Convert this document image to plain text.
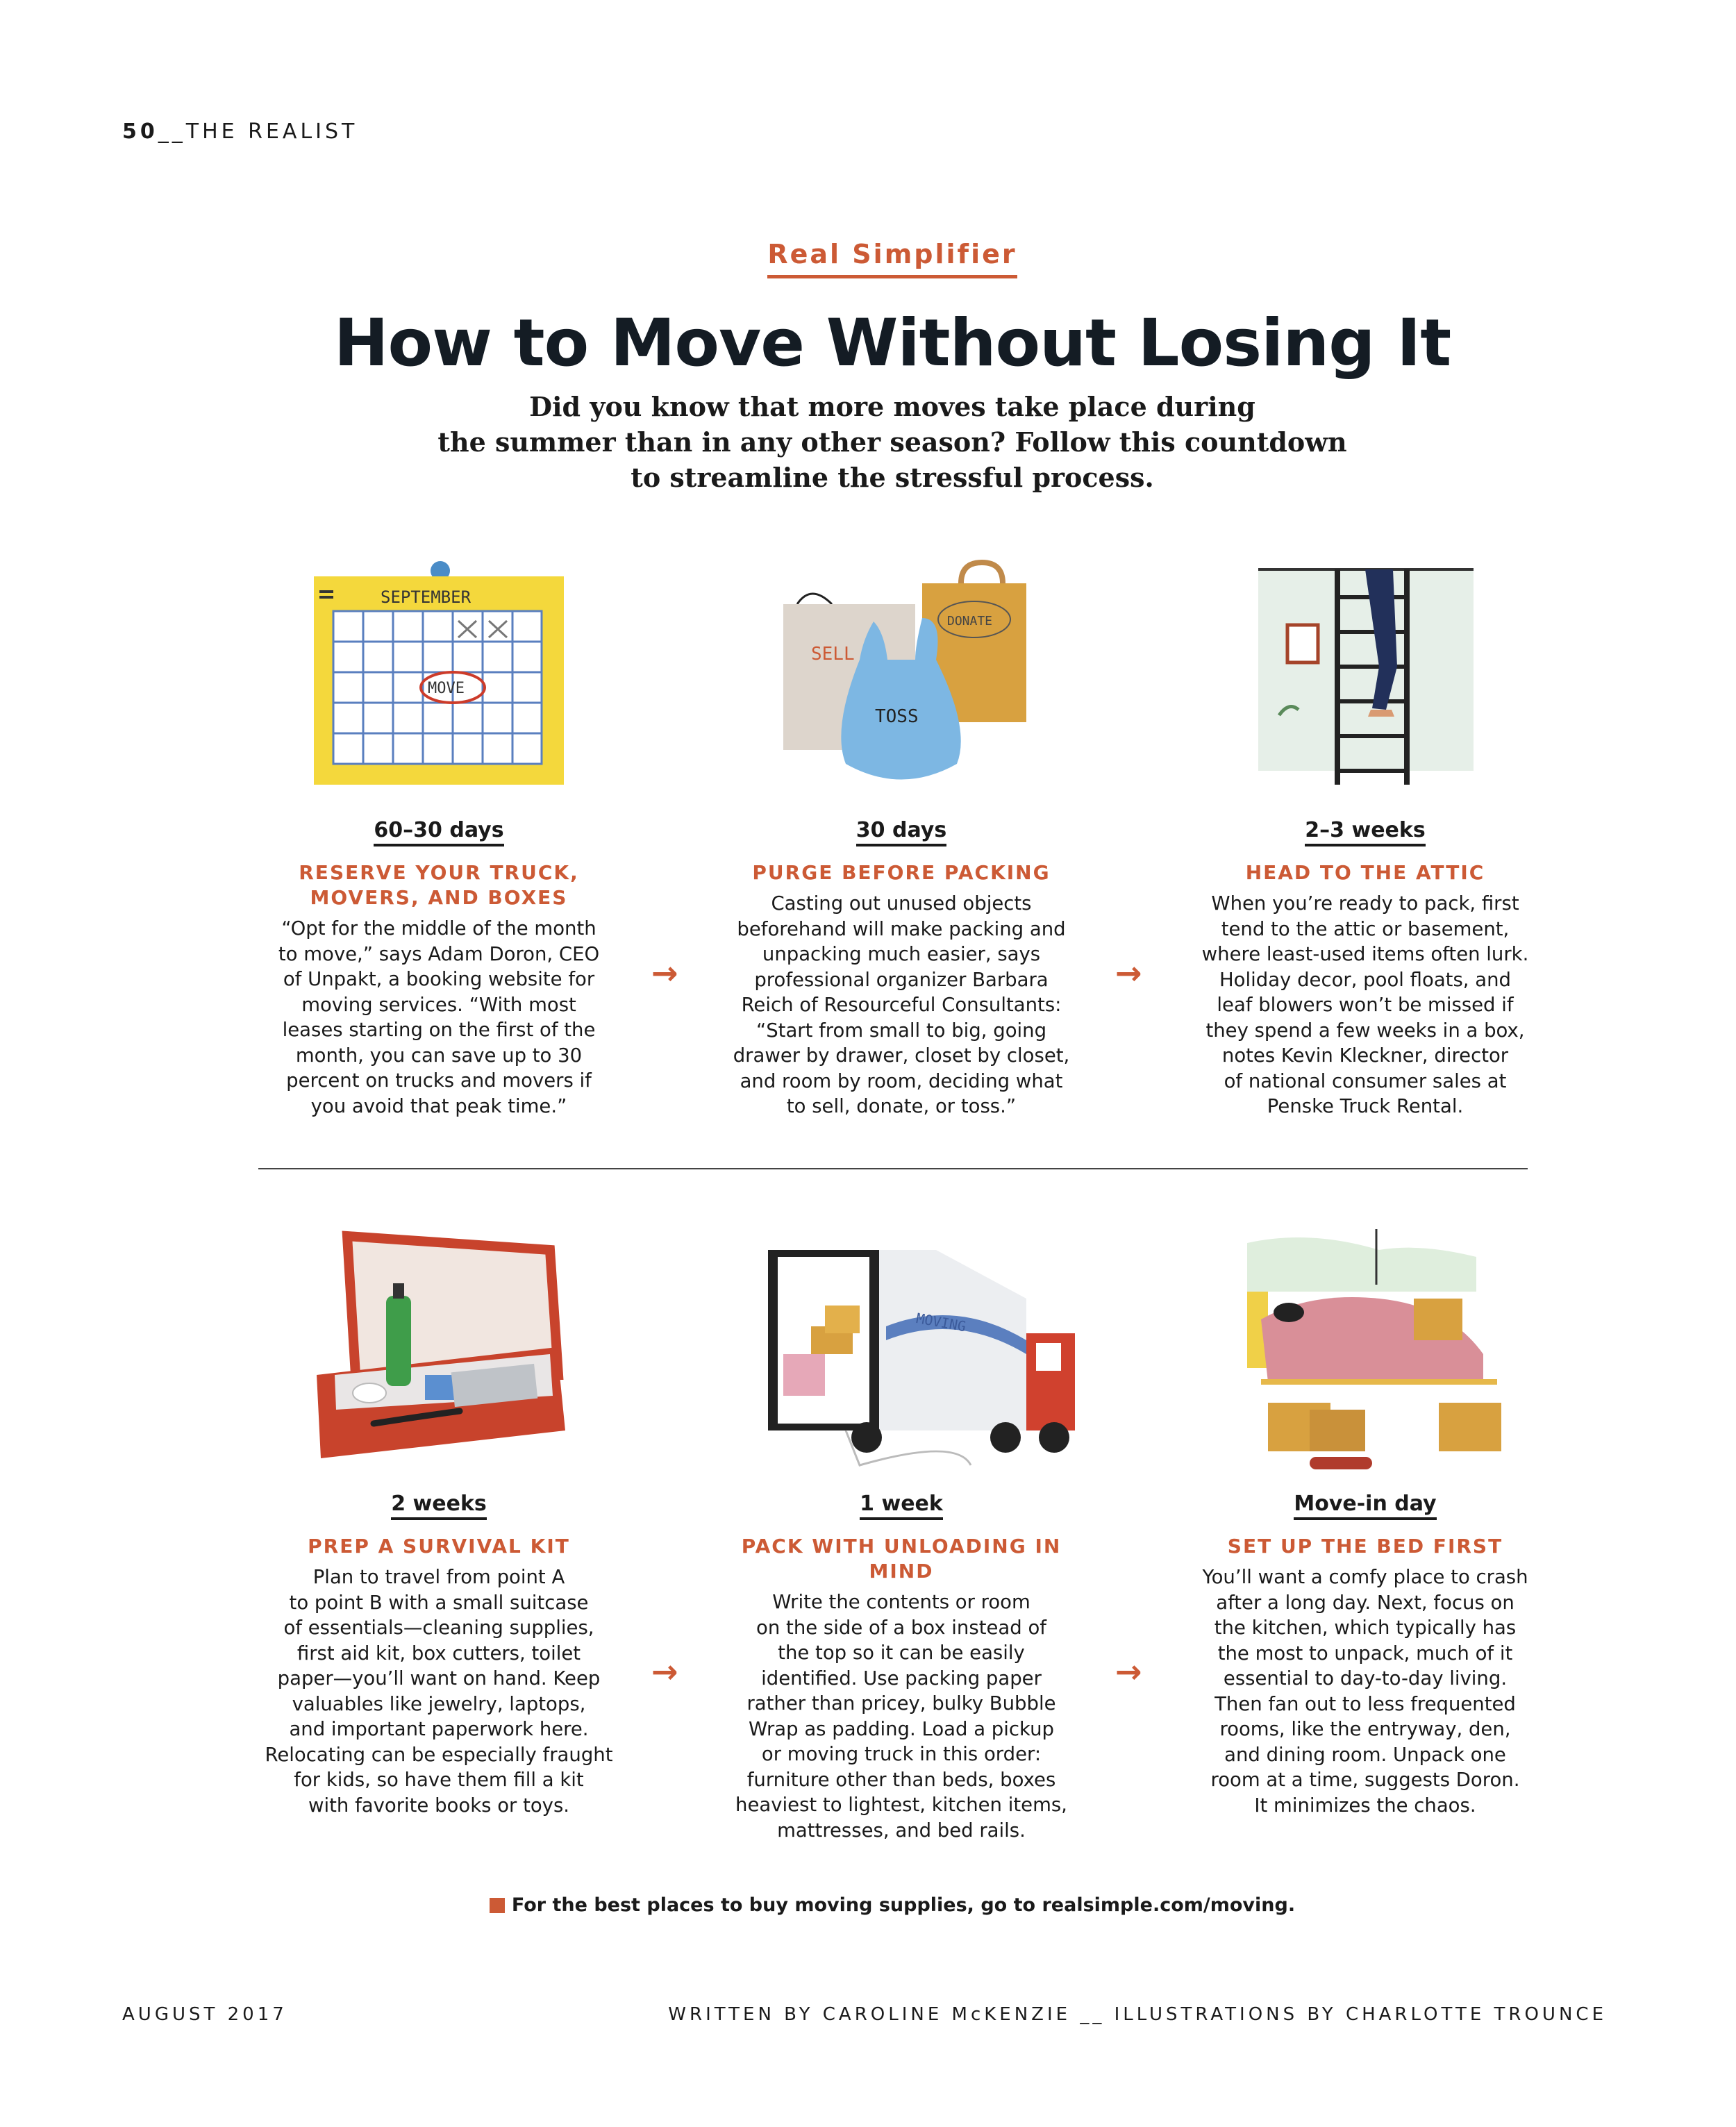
50__THE REALIST
Real Simplifier
How to Move Without Losing It
Did you know that more moves take place during
the summer than in any other season? Follow this countdown
to streamline the stressful process.
SEPTEMBER
MOVE
60–30 days
RESERVE YOUR TRUCK,
MOVERS, AND BOXES
“Opt for the middle of the month
to move,” says Adam Doron, CEO
of Unpakt, a booking website for
moving services. “With most
leases starting on the first of the
month, you can save up to 30
percent on trucks and movers if
you avoid that peak time.”
DONATE
SELL
TOSS
30 days
PURGE BEFORE PACKING
Casting out unused objects
beforehand will make packing and
unpacking much easier, says
professional organizer Barbara
Reich of Resourceful Consultants:
“Start from small to big, going
drawer by drawer, closet by closet,
and room by room, deciding what
to sell, donate, or toss.”
2–3 weeks
HEAD TO THE ATTIC
When you’re ready to pack, first
tend to the attic or basement,
where least-used items often lurk.
Holiday decor, pool floats, and
leaf blowers won’t be missed if
they spend a few weeks in a box,
notes Kevin Kleckner, director
of national consumer sales at
Penske Truck Rental.
→	→
2 weeks
PREP A SURVIVAL KIT
Plan to travel from point A
to point B with a small suitcase
of essentials—cleaning supplies,
first aid kit, box cutters, toilet
paper—you’ll want on hand. Keep
valuables like jewelry, laptops,
and important paperwork here.
Relocating can be especially fraught
for kids, so have them fill a kit
with favorite books or toys.
MOVING
1 week
PACK WITH UNLOADING IN MIND
Write the contents or room
on the side of a box instead of
the top so it can be easily
identified. Use packing paper
rather than pricey, bulky Bubble
Wrap as padding. Load a pickup
or moving truck in this order:
furniture other than beds, boxes
heaviest to lightest, kitchen items,
mattresses, and bed rails.
Move-in day
SET UP THE BED FIRST
You’ll want a comfy place to crash
after a long day. Next, focus on
the kitchen, which typically has
the most to unpack, much of it
essential to day-to-day living.
Then fan out to less frequented
rooms, like the entryway, den,
and dining room. Unpack one
room at a time, suggests Doron.
It minimizes the chaos.
→	→
For the best places to buy moving supplies, go to realsimple.com/moving.
AUGUST 2017	WRITTEN BY CAROLINE McKENZIE __ ILLUSTRATIONS BY CHARLOTTE TROUNCE
